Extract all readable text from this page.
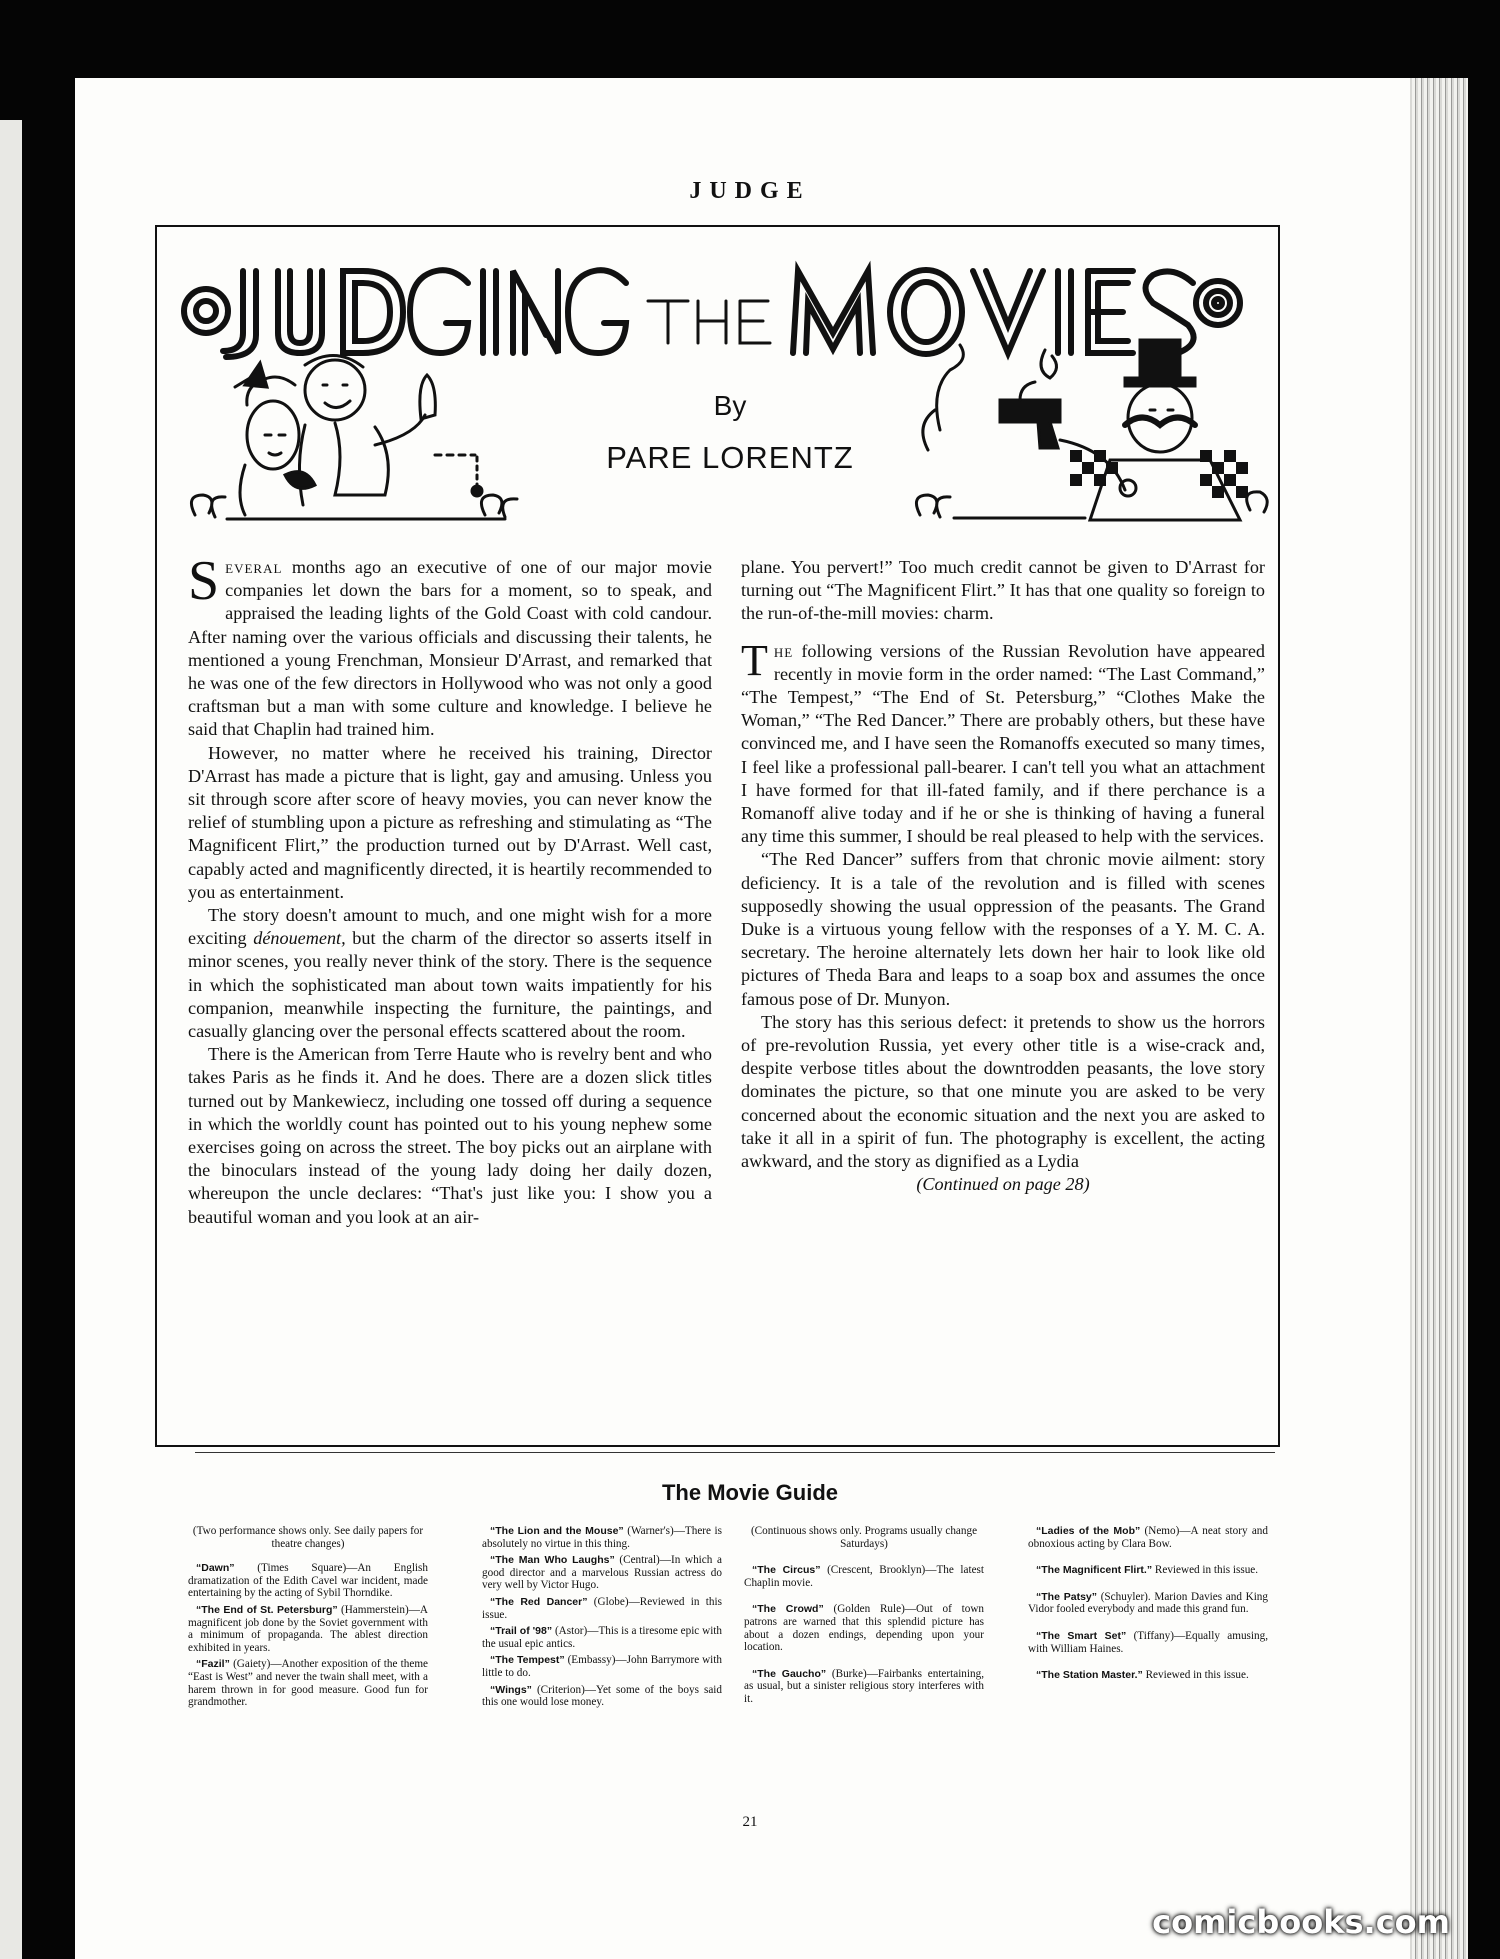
JUDGE
By
PARE LORENTZ

Several months ago an executive of one of our major movie companies let down the bars for a moment, so to speak, and appraised the leading lights of the Gold Coast with cold candour. After naming over the various officials and discussing their talents, he mentioned a young Frenchman, Monsieur D'Arrast, and remarked that he was one of the few directors in Hollywood who was not only a good craftsman but a man with some culture and knowledge. I believe he said that Chaplin had trained him.

However, no matter where he received his training, Director D'Arrast has made a picture that is light, gay and amusing. Unless you sit through score after score of heavy movies, you can never know the relief of stumbling upon a picture as refreshing and stimulating as “The Magnificent Flirt,” the production turned out by D'Arrast. Well cast, capably acted and magnificently directed, it is heartily recommended to you as entertainment.

The story doesn't amount to much, and one might wish for a more exciting dénouement, but the charm of the director so asserts itself in minor scenes, you really never think of the story. There is the sequence in which the sophisticated man about town waits impatiently for his companion, meanwhile inspecting the furniture, the paintings, and casually glancing over the personal effects scattered about the room.

There is the American from Terre Haute who is revelry bent and who takes Paris as he finds it. And he does. There are a dozen slick titles turned out by Mankewiecz, including one tossed off during a sequence in which the worldly count has pointed out to his young nephew some exercises going on across the street. The boy picks out an airplane with the binoculars instead of the young lady doing her daily dozen, whereupon the uncle declares: “That's just like you: I show you a beautiful woman and you look at an air-

plane. You pervert!” Too much credit cannot be given to D'Arrast for turning out “The Magnificent Flirt.” It has that one quality so foreign to the run-of-the-mill movies: charm.

The following versions of the Russian Revolution have appeared recently in movie form in the order named: “The Last Command,” “The Tempest,” “The End of St. Petersburg,” “Clothes Make the Woman,” “The Red Dancer.” There are probably others, but these have convinced me, and I have seen the Romanoffs executed so many times, I feel like a professional pall-bearer. I can't tell you what an attachment I have formed for that ill-fated family, and if there perchance is a Romanoff alive today and if he or she is thinking of having a funeral any time this summer, I should be real pleased to help with the services.

“The Red Dancer” suffers from that chronic movie ailment: story deficiency. It is a tale of the revolution and is filled with scenes supposedly showing the usual oppression of the peasants. The Grand Duke is a virtuous young fellow with the responses of a Y. M. C. A. secretary. The heroine alternately lets down her hair to look like old pictures of Theda Bara and leaps to a soap box and assumes the once famous pose of Dr. Munyon.

The story has this serious defect: it pretends to show us the horrors of pre-revolution Russia, yet every other title is a wise-crack and, despite verbose titles about the downtrodden peasants, the love story dominates the picture, so that one minute you are asked to be very concerned about the economic situation and the next you are asked to take it all in a spirit of fun. The photography is excellent, the acting awkward, and the story as dignified as a Lydia

(Continued on page 28)

The Movie Guide

(Two performance shows only. See daily papers for theatre changes)

“Dawn” (Times Square)—An English dramatization of the Edith Cavel war incident, made entertaining by the acting of Sybil Thorndike.

“The End of St. Petersburg” (Hammerstein)—A magnificent job done by the Soviet government with a minimum of propaganda. The ablest direction exhibited in years.

“Fazil” (Gaiety)—Another exposition of the theme “East is West” and never the twain shall meet, with a harem thrown in for good measure. Good fun for grandmother.

“The Lion and the Mouse” (Warner's)—There is absolutely no virtue in this thing.

“The Man Who Laughs” (Central)—In which a good director and a marvelous Russian actress do very well by Victor Hugo.

“The Red Dancer” (Globe)—Reviewed in this issue.

“Trail of '98” (Astor)—This is a tiresome epic with the usual epic antics.

“The Tempest” (Embassy)—John Barrymore with little to do.

“Wings” (Criterion)—Yet some of the boys said this one would lose money.

(Continuous shows only. Programs usually change Saturdays)

“The Circus” (Crescent, Brooklyn)—The latest Chaplin movie.

“The Crowd” (Golden Rule)—Out of town patrons are warned that this splendid picture has about a dozen endings, depending upon your location.

“The Gaucho” (Burke)—Fairbanks entertaining, as usual, but a sinister religious story interferes with it.

“Ladies of the Mob” (Nemo)—A neat story and obnoxious acting by Clara Bow.

“The Magnificent Flirt.” Reviewed in this issue.

“The Patsy” (Schuyler). Marion Davies and King Vidor fooled everybody and made this grand fun.

“The Smart Set” (Tiffany)—Equally amusing, with William Haines.

“The Station Master.” Reviewed in this issue.

21
comicbooks.com
